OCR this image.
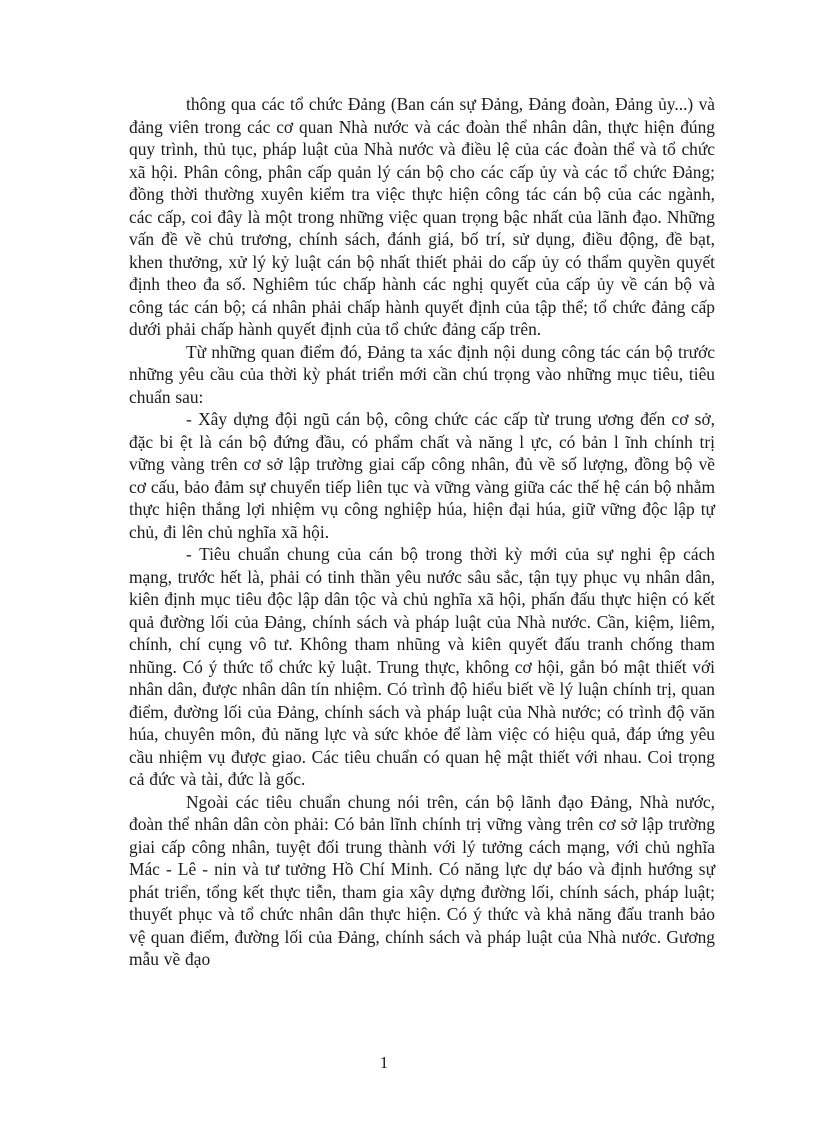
thông qua các tổ chức Đảng (Ban cán sự Đảng, Đảng đoàn, Đảng ủy...) và đảng viên trong các cơ quan Nhà nước và các đoàn thể nhân dân, thực hiện đúng quy trình, thủ tục, pháp luật của Nhà nước và điều lệ của các đoàn thể và tổ chức xã hội. Phân công, phân cấp quản lý cán bộ cho các cấp ủy và các tổ chức Đảng; đồng thời thường xuyên kiểm tra việc thực hiện công tác cán bộ của các ngành, các cấp, coi đây là một trong những việc quan trọng bậc nhất của lãnh đạo. Những vấn đề về chủ trương, chính sách, đánh giá, bố trí, sử dụng, điều động, đề bạt, khen thưởng, xử lý kỷ luật cán bộ nhất thiết phải do cấp ủy có thẩm quyền quyết định theo đa số. Nghiêm túc chấp hành các nghị quyết của cấp ủy về cán bộ và công tác cán bộ; cá nhân phải chấp hành quyết định của tập thể; tổ chức đảng cấp dưới phải chấp hành quyết định của tổ chức đảng cấp trên.

Từ những quan điểm đó, Đảng ta xác định nội dung công tác cán bộ trước những yêu cầu của thời kỳ phát triển mới cần chú trọng vào những mục tiêu, tiêu chuẩn sau:

- Xây dựng đội ngũ cán bộ, công chức các cấp từ trung ương đến cơ sở, đặc bi ệt là cán bộ đứng đầu, có phẩm chất và năng l ực, có bản l ĩnh chính trị vững vàng trên cơ sở lập trường giai cấp công nhân, đủ về số lượng, đồng bộ về cơ cấu, bảo đảm sự chuyển tiếp liên tục và vững vàng giữa các thế hệ cán bộ nhằm thực hiện thắng lợi nhiệm vụ công nghiệp húa, hiện đại húa, giữ vững độc lập tự chủ, đi lên chủ nghĩa xã hội.

- Tiêu chuẩn chung của cán bộ trong thời kỳ mới của sự nghi ệp cách mạng, trước hết là, phải có tinh thần yêu nước sâu sắc, tận tụy phục vụ nhân dân, kiên định mục tiêu độc lập dân tộc và chủ nghĩa xã hội, phấn đấu thực hiện có kết quả đường lối của Đảng, chính sách và pháp luật của Nhà nước. Cần, kiệm, liêm, chính, chí cụng vô tư. Không tham nhũng và kiên quyết đấu tranh chống tham nhũng. Có ý thức tổ chức kỷ luật. Trung thực, không cơ hội, gắn bó mật thiết với nhân dân, được nhân dân tín nhiệm. Có trình độ hiểu biết về lý luận chính trị, quan điểm, đường lối của Đảng, chính sách và pháp luật của Nhà nước; có trình độ văn húa, chuyên môn, đủ năng lực và sức khỏe để làm việc có hiệu quả, đáp ứng yêu cầu nhiệm vụ được giao. Các tiêu chuẩn có quan hệ mật thiết với nhau. Coi trọng cả đức và tài, đức là gốc.

Ngoài các tiêu chuẩn chung nói trên, cán bộ lãnh đạo Đảng, Nhà nước, đoàn thể nhân dân còn phải: Có bản lĩnh chính trị vững vàng trên cơ sở lập trường giai cấp công nhân, tuyệt đối trung thành với lý tưởng cách mạng, với chủ nghĩa Mác - Lê - nin và tư tưởng Hồ Chí Minh. Có năng lực dự báo và định hướng sự phát triển, tổng kết thực tiễn, tham gia xây dựng đường lối, chính sách, pháp luật; thuyết phục và tổ chức nhân dân thực hiện. Có ý thức và khả năng đấu tranh bảo vệ quan điểm, đường lối của Đảng, chính sách và pháp luật của Nhà nước. Gương mẫu về đạo

1
